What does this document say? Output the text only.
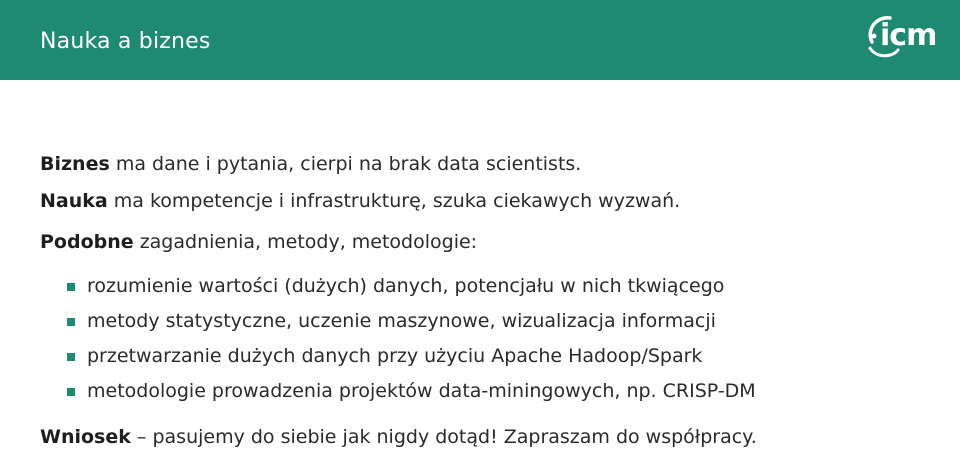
Nauka a biznes	icm
Biznes ma dane i pytania, cierpi na brak data scientists.
Nauka ma kompetencje i infrastrukturę, szuka ciekawych wyzwań.
Podobne zagadnienia, metody, metodologie:
rozumienie wartości (dużych) danych, potencjału w nich tkwiącego
metody statystyczne, uczenie maszynowe, wizualizacja informacji
przetwarzanie dużych danych przy użyciu Apache Hadoop/Spark
metodologie prowadzenia projektów data-miningowych, np. CRISP-DM
Wniosek – pasujemy do siebie jak nigdy dotąd! Zapraszam do współpracy.
